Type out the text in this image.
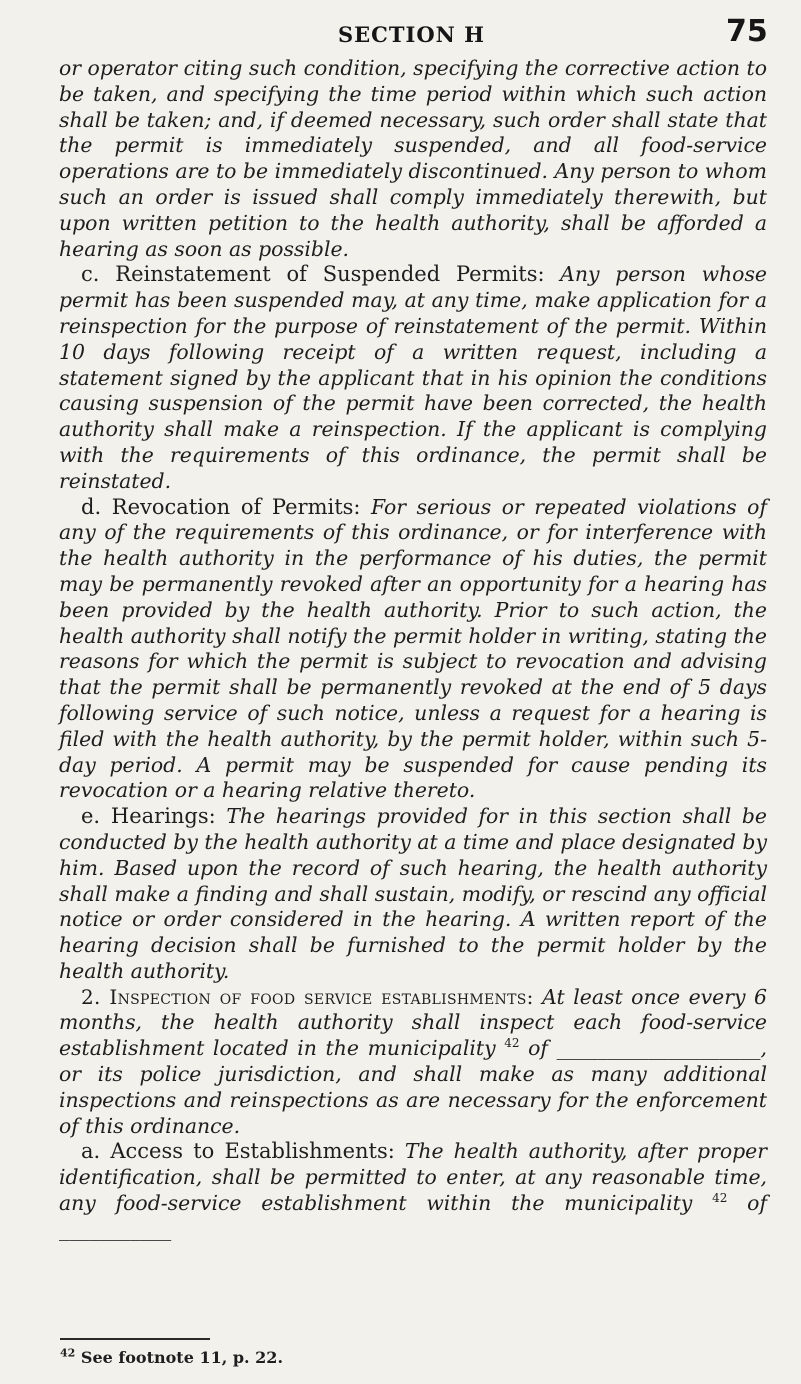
SECTION H	75

or operator citing such condition, specifying the corrective action to be taken, and specifying the time period within which such action shall be taken; and, if deemed necessary, such order shall state that the permit is immediately suspended, and all food-service operations are to be immediately discontinued. Any person to whom such an order is issued shall comply immediately therewith, but upon written petition to the health authority, shall be afforded a hearing as soon as possible.

c. Reinstatement of Suspended Permits: Any person whose permit has been suspended may, at any time, make application for a reinspection for the purpose of reinstatement of the permit. Within 10 days following receipt of a written request, including a statement signed by the applicant that in his opinion the conditions causing suspension of the permit have been corrected, the health authority shall make a reinspection. If the applicant is complying with the requirements of this ordinance, the permit shall be reinstated.

d. Revocation of Permits: For serious or repeated violations of any of the requirements of this ordinance, or for interference with the health authority in the performance of his duties, the permit may be permanently revoked after an opportunity for a hearing has been provided by the health authority. Prior to such action, the health authority shall notify the permit holder in writing, stating the reasons for which the permit is subject to revocation and advising that the permit shall be permanently revoked at the end of 5 days following service of such notice, unless a request for a hearing is filed with the health authority, by the permit holder, within such 5-day period. A permit may be suspended for cause pending its revocation or a hearing relative thereto.

e. Hearings: The hearings provided for in this section shall be conducted by the health authority at a time and place designated by him. Based upon the record of such hearing, the health authority shall make a finding and shall sustain, modify, or rescind any official notice or order considered in the hearing. A written report of the hearing decision shall be furnished to the permit holder by the health authority.

2. Inspection of food service establishments: At least once every 6 months, the health authority shall inspect each food-service establishment located in the municipality $^{42}$ of ____________________, or its police jurisdiction, and shall make as many additional inspections and reinspections as are necessary for the enforcement of this ordinance.

a. Access to Establishments: The health authority, after proper identification, shall be permitted to enter, at any reasonable time, any food-service establishment within the municipality $^{42}$ of ___________

$^{42}$ See footnote 11, p. 22.
